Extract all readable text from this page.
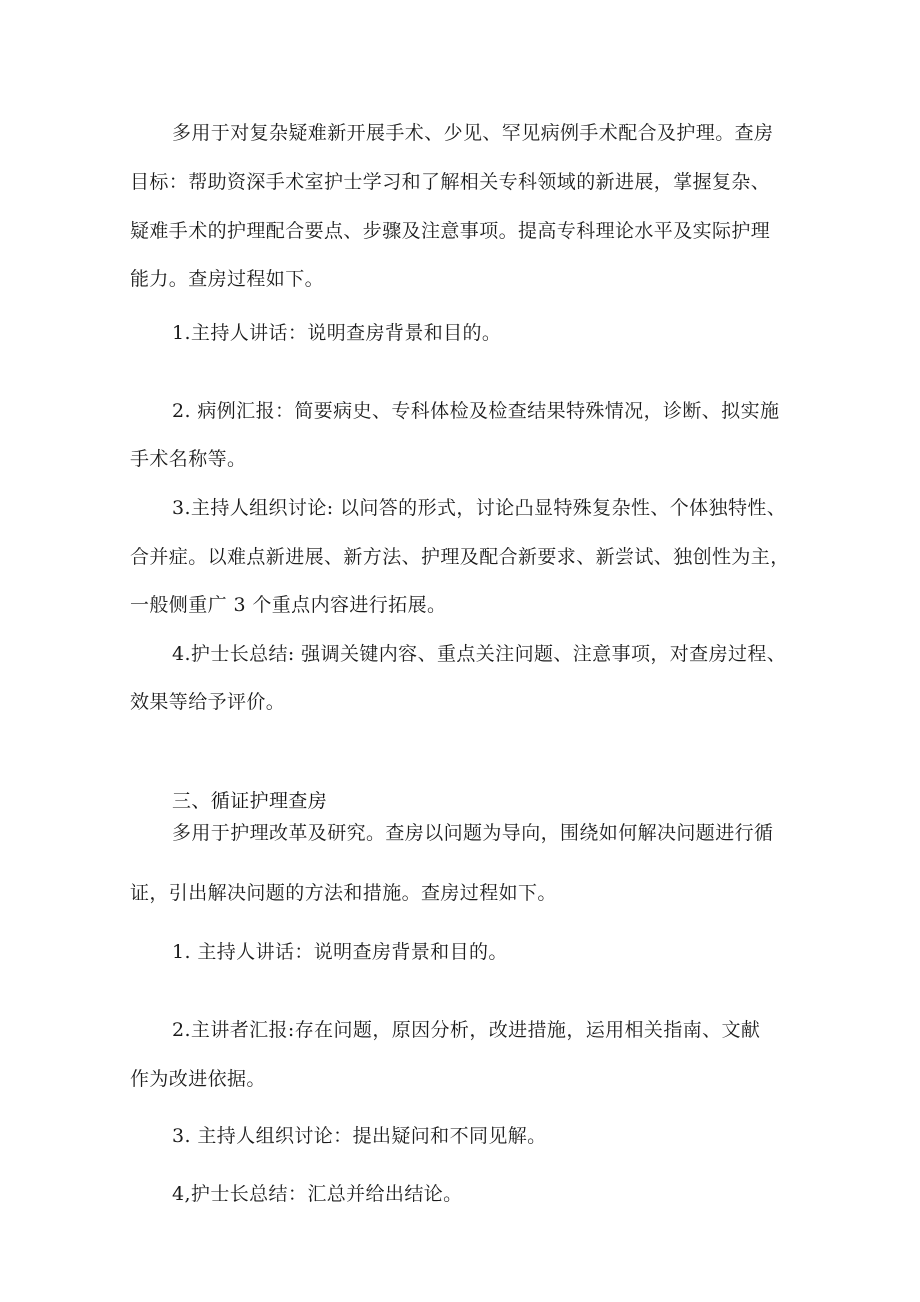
多用于对复杂疑难新开展手术、少见、罕见病例手术配合及护理。查房
目标：帮助资深手术室护士学习和了解相关专科领域的新进展，掌握复杂、
疑难手术的护理配合要点、步骤及注意事项。提高专科理论水平及实际护理
能力。查房过程如下。
1.主持人讲话：说明查房背景和目的。
2. 病例汇报：简要病史、专科体检及检查结果特殊情况，诊断、拟实施
手术名称等。
3.主持人组织讨论: 以问答的形式，讨论凸显特殊复杂性、个体独特性、
合并症。以难点新进展、新方法、护理及配合新要求、新尝试、独创性为主，
一般侧重广 3 个重点内容进行拓展。
4.护士长总结: 强调关键内容、重点关注问题、注意事项，对查房过程、
效果等给予评价。
三、循证护理查房
多用于护理改革及研究。查房以问题为导向，围绕如何解决问题进行循
证，引出解决问题的方法和措施。查房过程如下。
1. 主持人讲话：说明查房背景和目的。
2.主讲者汇报:存在问题，原因分析，改进措施，运用相关指南、文献
作为改进依据。
3. 主持人组织讨论：提出疑问和不同见解。
4,护士长总结：汇总并给出结论。
